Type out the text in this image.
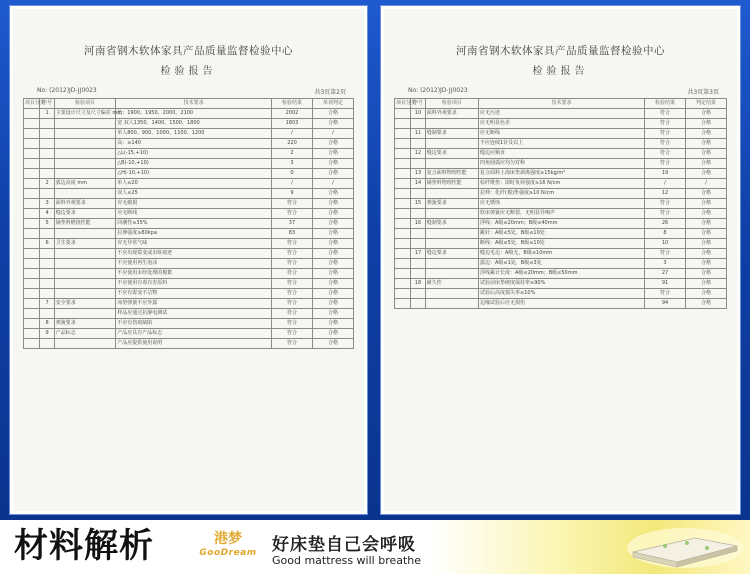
河南省钢木软体家具产品质量监督检验中心
检验报告
No: (2012)JD-JJ0023	共3页第2页
项目分类	序号	检验项目	技术要求	检验结果	单项判定
	1	主要设计尺寸及尺寸偏差 mm	长：1900、1950、2000、2100	2002	合格
			宽 双人1350、1400、1500、1800	1803	合格
			单人800、900、1000、1100、1200	/	/
			高：≥140	220	合格
			△L(-15,+10)	2	合格
			△B(-10,+10)	3	合格
			△H(-10,+10)	0	合格
	2	弧边高度 mm	单人≤20	/	/
			双人≤25	9	合格
	3	面料外观要求	应无破损	符合	合格
	4	缝边要求	应无断线	符合	合格
	5	铺垫料燃烧性能	回潮性≥35%	37	合格
			拉伸强度≥80kpa	83	合格
	6	卫生要求	应无异常气味	符合	合格
			不应出现霉变或虫蛀痕迹	符合	合格
			不应使用再生泡沫	符合	合格
			不应使用未经处理的棉絮	符合	合格
			不应使用有毒有害原料	符合	合格
			不应有霉变不洁物	符合	合格
	7	安全要求	床垫弹簧不应外露	符合	合格
			样品应通过抗静电测试	符合	合格
	8	弹簧要求	不应有伤痕缺陷	符合	合格
	9	产品标志	产品应具有产品标志	符合	合格
			产品应提供使用说明	符合	合格
河南省钢木软体家具产品质量监督检验中心
检验报告
No: (2012)JD-JJ0023	共3页第3页
项目分类	序号	检验项目	技术要求	检验结果	判定结果
	10	面料外观要求	应无污迹	符合	合格
			应无明显色差	符合	合格
	11	缝制要求	应无断线	符合	合格
			不应连续1针及以上	符合	合格
	12	缝边要求	缝边应顺直	符合	合格
			四角圆弧应均匀对称	符合	合格
	13	复合面料物理性能	复合面料上海床垫剥离强度≥15kg/m²	19	合格
	14	铺垫料物理性能	棕纤维垫：即时负荷强度≥16 N/cm	/	/
			拉伸：化纤(棉)垫强度≥10 N/cm	12	合格
	15	弹簧要求	应无锈蚀	符合	合格
			软床弹簧应无断裂，无明显异响声	符合	合格
	16	缝制要求	浮线：A级≤20mm；B级≤40mm	26	合格
			跳针：A级≤5处，B级≤10处	8	合格
			断线：A级≤5处，B级≤10处	10	合格
	17	缝边要求	缝边毛边：A级无，B级≤10mm	符合	合格
			露边：A级≤1处，B级≤3处	3	合格
			浮线累计长度：A级≤20mm；B级≤50mm	27	合格
	18	耐久性	试验前床垫硬度保持率≥90%	91	合格
			试验后高度损失率≤10%	符合	合格
			边缘试验后应无损伤	94	合格
材料解析	港梦
GooDream 好床垫自己会呼吸
Good mattress will breathe
